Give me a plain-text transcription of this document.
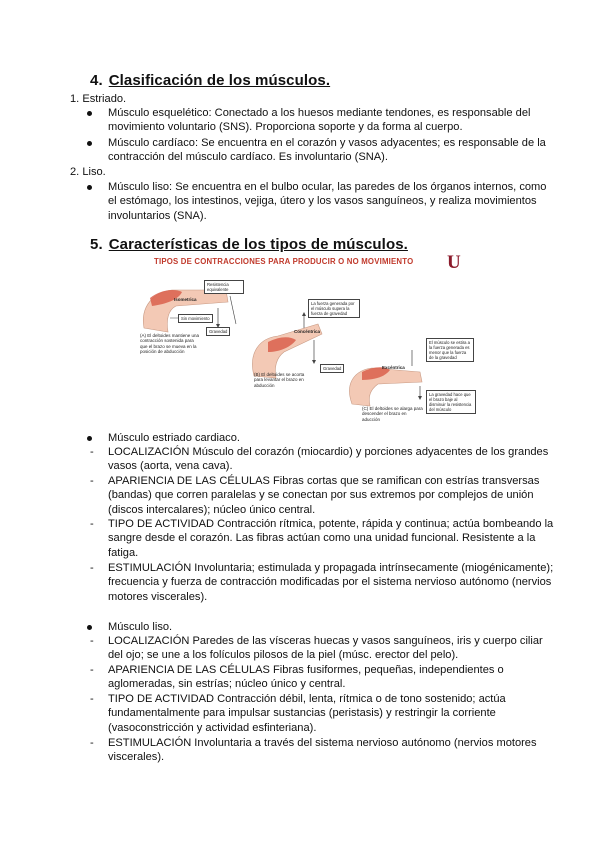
4. Clasificación de los músculos.
1. Estriado.
Músculo esquelético: Conectado a los huesos mediante tendones, es responsable del movimiento voluntario (SNS). Proporciona soporte y da forma al cuerpo.
Músculo cardíaco: Se encuentra en el corazón y vasos adyacentes; es responsable de la contracción del músculo cardíaco. Es involuntario (SNA).
2. Liso.
Músculo liso: Se encuentra en el bulbo ocular, las paredes de los órganos internos, como el estómago, los intestinos, vejiga, útero y los vasos sanguíneos, y realiza movimientos involuntarios (SNA).
5. Características de los tipos de músculos.
TIPOS DE CONTRACCIONES PARA PRODUCIR O NO MOVIMIENTO U
Resistencia equivalente
Isometrica
Sin movimiento
Gravedad
(A) El deltoides mantiene una contracción sostenida para que el brazo se mueva en la posición de abducción
La fuerza generada por el músculo supera la fuerza de gravedad
Concéntrica
Gravedad
(B) El deltoides se acorta para levantar el brazo en abducción
El músculo se estira a la fuerza generada es menor que la fuerza de la gravedad
Excéntrica
La gravedad hace que el brazo baje al disminuir la resistencia del músculo
(C) El deltoides se alarga para descender el brazo en aducción
Músculo estriado cardiaco.
- LOCALIZACIÓN Músculo del corazón (miocardio) y porciones adyacentes de los grandes vasos (aorta, vena cava).
- APARIENCIA DE LAS CÉLULAS Fibras cortas que se ramifican con estrías transversas (bandas) que corren paralelas y se conectan por sus extremos por complejos de unión (discos intercalares); núcleo único central.
- TIPO DE ACTIVIDAD Contracción rítmica, potente, rápida y continua; actúa bombeando la sangre desde el corazón. Las fibras actúan como una unidad funcional. Resistente a la fatiga.
- ESTIMULACIÓN Involuntaria; estimulada y propagada intrínsecamente (miogénicamente); frecuencia y fuerza de contracción modificadas por el sistema nervioso autónomo (nervios motores viscerales).
Músculo liso.
- LOCALIZACIÓN Paredes de las vísceras huecas y vasos sanguíneos, iris y cuerpo ciliar del ojo; se une a los folículos pilosos de la piel (músc. erector del pelo).
- APARIENCIA DE LAS CÉLULAS Fibras fusiformes, pequeñas, independientes o aglomeradas, sin estrías; núcleo único y central.
- TIPO DE ACTIVIDAD Contracción débil, lenta, rítmica o de tono sostenido; actúa fundamentalmente para impulsar sustancias (peristasis) y restringir la corriente (vasoconstricción y actividad esfinteriana).
- ESTIMULACIÓN Involuntaria a través del sistema nervioso autónomo (nervios motores viscerales).
